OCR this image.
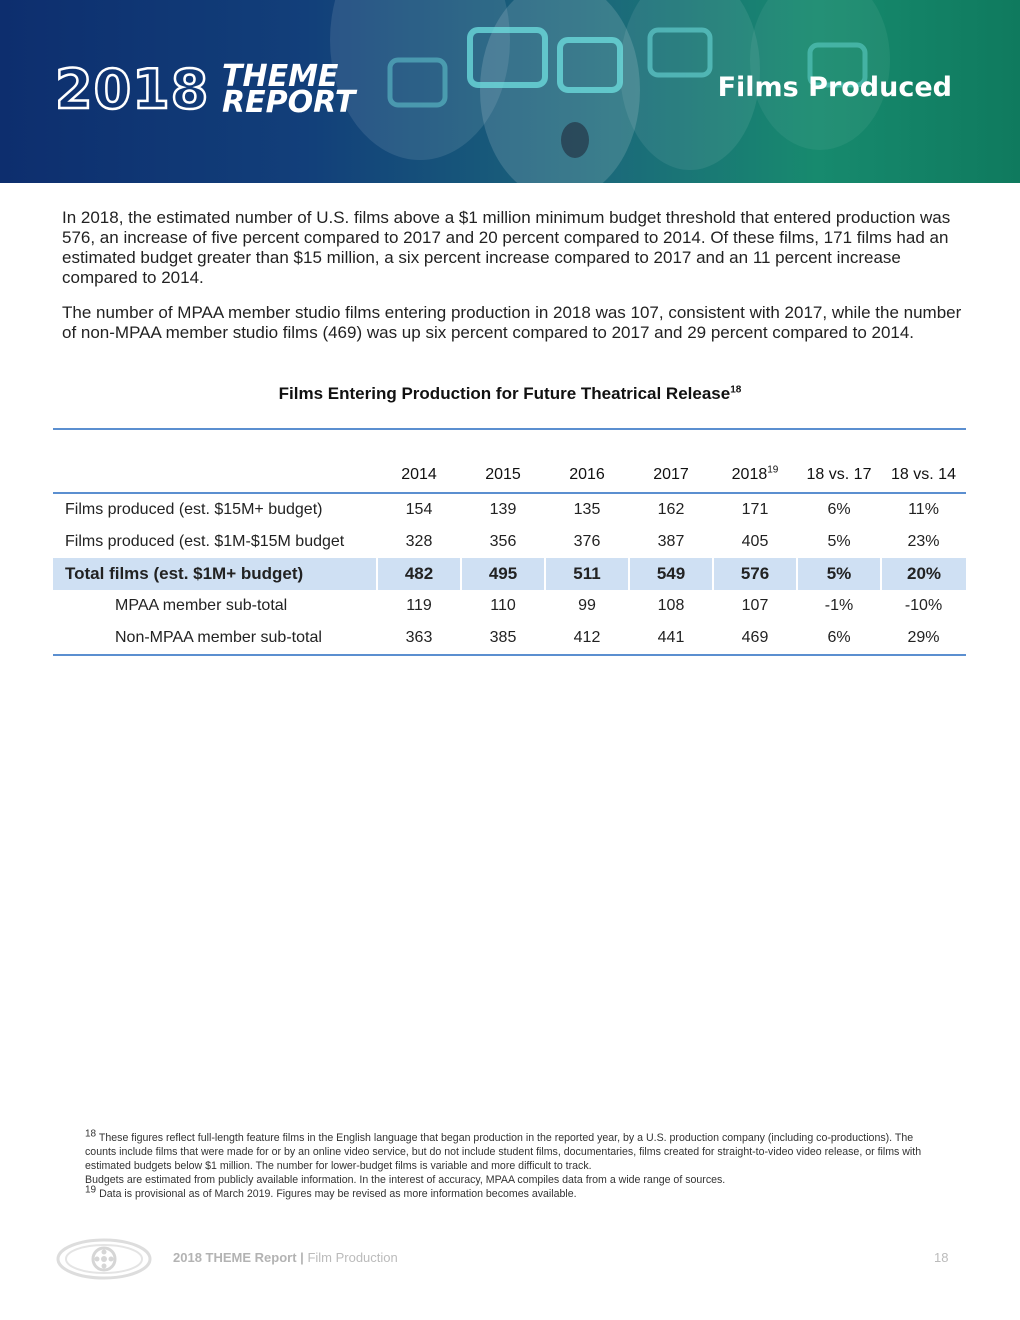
2018 THEME
REPORT	Films Produced

In 2018, the estimated number of U.S. films above a $1 million minimum budget threshold that entered production was 576, an increase of five percent compared to 2017 and 20 percent compared to 2014. Of these films, 171 films had an estimated budget greater than $15 million, a six percent increase compared to 2017 and an 11 percent increase compared to 2014.

The number of MPAA member studio films entering production in 2018 was 107, consistent with 2017, while the number of non-MPAA member studio films (469) was up six percent compared to 2017 and 29 percent compared to 2014.

Films Entering Production for Future Theatrical Release$^{18}$
	2014	2015	2016	2017	2018$^{19}$	18 vs. 17	18 vs. 14
Films produced (est. $15M+ budget)	154	139	135	162	171	6%	11%
Films produced (est. $1M-$15M budget	328	356	376	387	405	5%	23%
Total films (est. $1M+ budget)	482	495	511	549	576	5%	20%
MPAA member sub-total	119	110	99	108	107	-1%	-10%
Non-MPAA member sub-total	363	385	412	441	469	6%	29%

$^{18}$ These figures reflect full-length feature films in the English language that began production in the reported year, by a U.S. production company (including co-productions). The counts include films that were made for or by an online video service, but do not include student films, documentaries, films created for straight-to-video video release, or films with estimated budgets below $1 million. The number for lower-budget films is variable and more difficult to track.

Budgets are estimated from publicly available information. In the interest of accuracy, MPAA compiles data from a wide range of sources.

$^{19}$ Data is provisional as of March 2019. Figures may be revised as more information becomes available.

2018 THEME Report | Film Production	18
